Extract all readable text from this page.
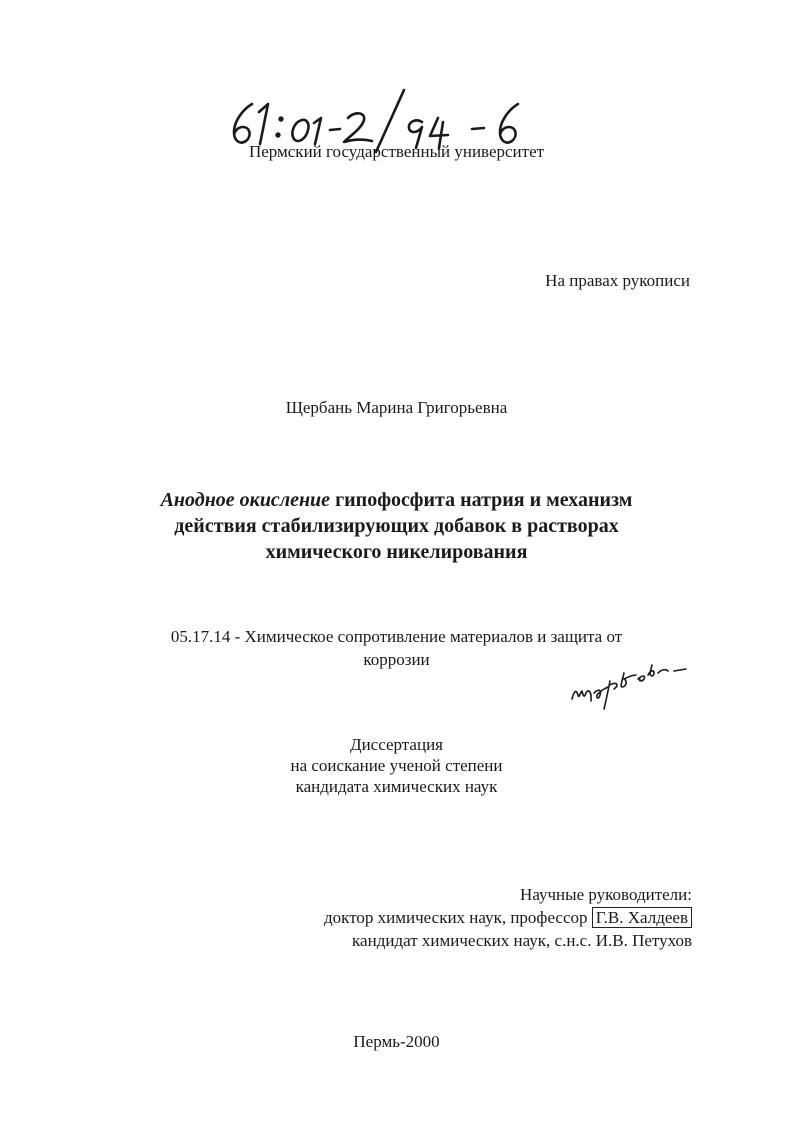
Пермский государственный университет
На правах рукописи
Щербань Марина Григорьевна
Анодное окисление гипофосфита натрия и механизм
действия стабилизирующих добавок в растворах
химического никелирования
05.17.14 - Химическое сопротивление материалов и защита от
коррозии
Диссертация
на соискание ученой степени
кандидата химических наук
Научные руководители:
доктор химических наук, профессор Г.В. Халдеев
кандидат химических наук, с.н.с. И.В. Петухов
Пермь-2000
